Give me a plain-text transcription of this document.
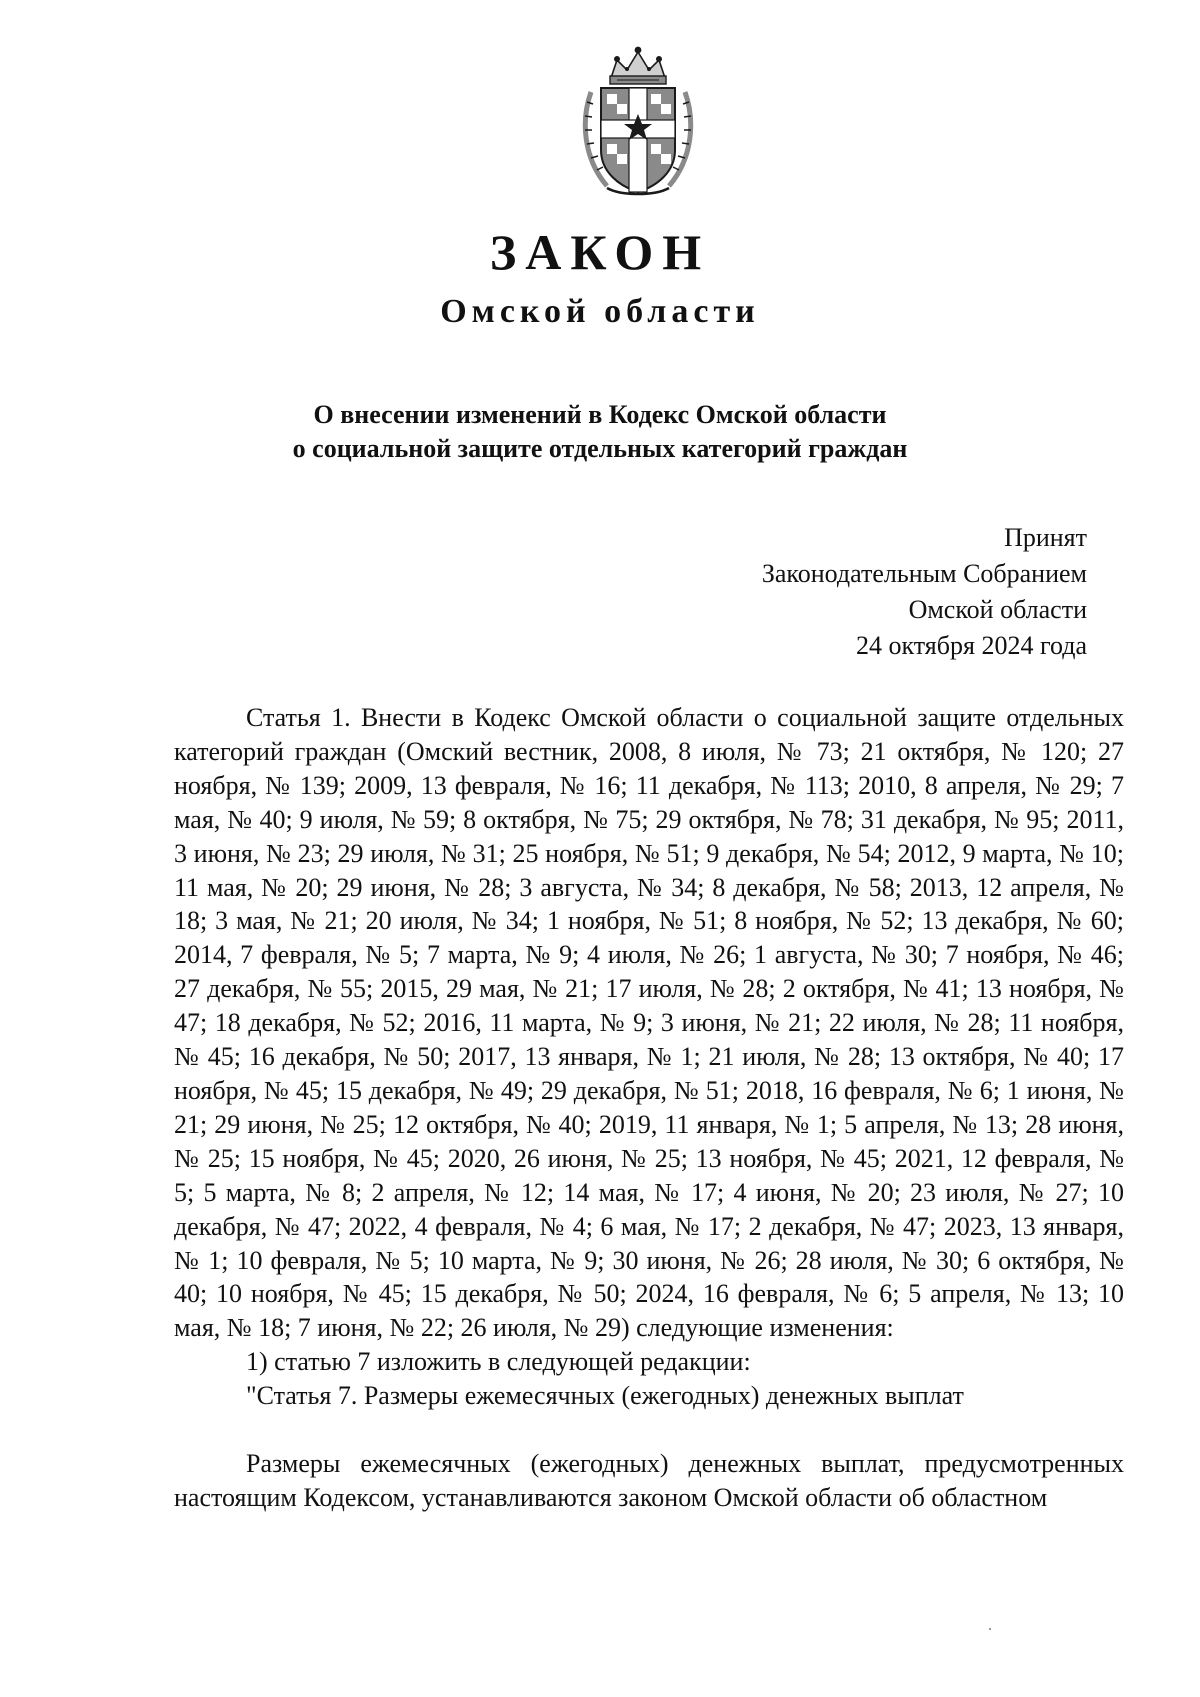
ЗАКОН
Омской области
О внесении изменений в Кодекс Омской области
о социальной защите отдельных категорий граждан
Принят
Законодательным Собранием
Омской области
24 октября 2024 года

Статья 1. Внести в Кодекс Омской области о социальной защите отдельных категорий граждан (Омский вестник, 2008, 8 июля, № 73; 21 октября, № 120; 27 ноября, № 139; 2009, 13 февраля, № 16; 11 декабря, № 113; 2010, 8 апреля, № 29; 7 мая, № 40; 9 июля, № 59; 8 октября, № 75; 29 октября, № 78; 31 декабря, № 95; 2011, 3 июня, № 23; 29 июля, № 31; 25 ноября, № 51; 9 декабря, № 54; 2012, 9 марта, № 10; 11 мая, № 20; 29 июня, № 28; 3 августа, № 34; 8 декабря, № 58; 2013, 12 апреля, № 18; 3 мая, № 21; 20 июля, № 34; 1 ноября, № 51; 8 ноября, № 52; 13 декабря, № 60; 2014, 7 февраля, № 5; 7 марта, № 9; 4 июля, № 26; 1 августа, № 30; 7 ноября, № 46; 27 декабря, № 55; 2015, 29 мая, № 21; 17 июля, № 28; 2 октября, № 41; 13 ноября, № 47; 18 декабря, № 52; 2016, 11 марта, № 9; 3 июня, № 21; 22 июля, № 28; 11 ноября, № 45; 16 декабря, № 50; 2017, 13 января, № 1; 21 июля, № 28; 13 октября, № 40; 17 ноября, № 45; 15 декабря, № 49; 29 декабря, № 51; 2018, 16 февраля, № 6; 1 июня, № 21; 29 июня, № 25; 12 октября, № 40; 2019, 11 января, № 1; 5 апреля, № 13; 28 июня, № 25; 15 ноября, № 45; 2020, 26 июня, № 25; 13 ноября, № 45; 2021, 12 февраля, № 5; 5 марта, № 8; 2 апреля, № 12; 14 мая, № 17; 4 июня, № 20; 23 июля, № 27; 10 декабря, № 47; 2022, 4 февраля, № 4; 6 мая, № 17; 2 декабря, № 47; 2023, 13 января, № 1; 10 февраля, № 5; 10 марта, № 9; 30 июня, № 26; 28 июля, № 30; 6 октября, № 40; 10 ноября, № 45; 15 декабря, № 50; 2024, 16 февраля, № 6; 5 апреля, № 13; 10 мая, № 18; 7 июня, № 22; 26 июля, № 29) следующие изменения:

1) статью 7 изложить в следующей редакции:

"Статья 7. Размеры ежемесячных (ежегодных) денежных выплат

Размеры ежемесячных (ежегодных) денежных выплат, предусмотренных настоящим Кодексом, устанавливаются законом Омской области об областном
